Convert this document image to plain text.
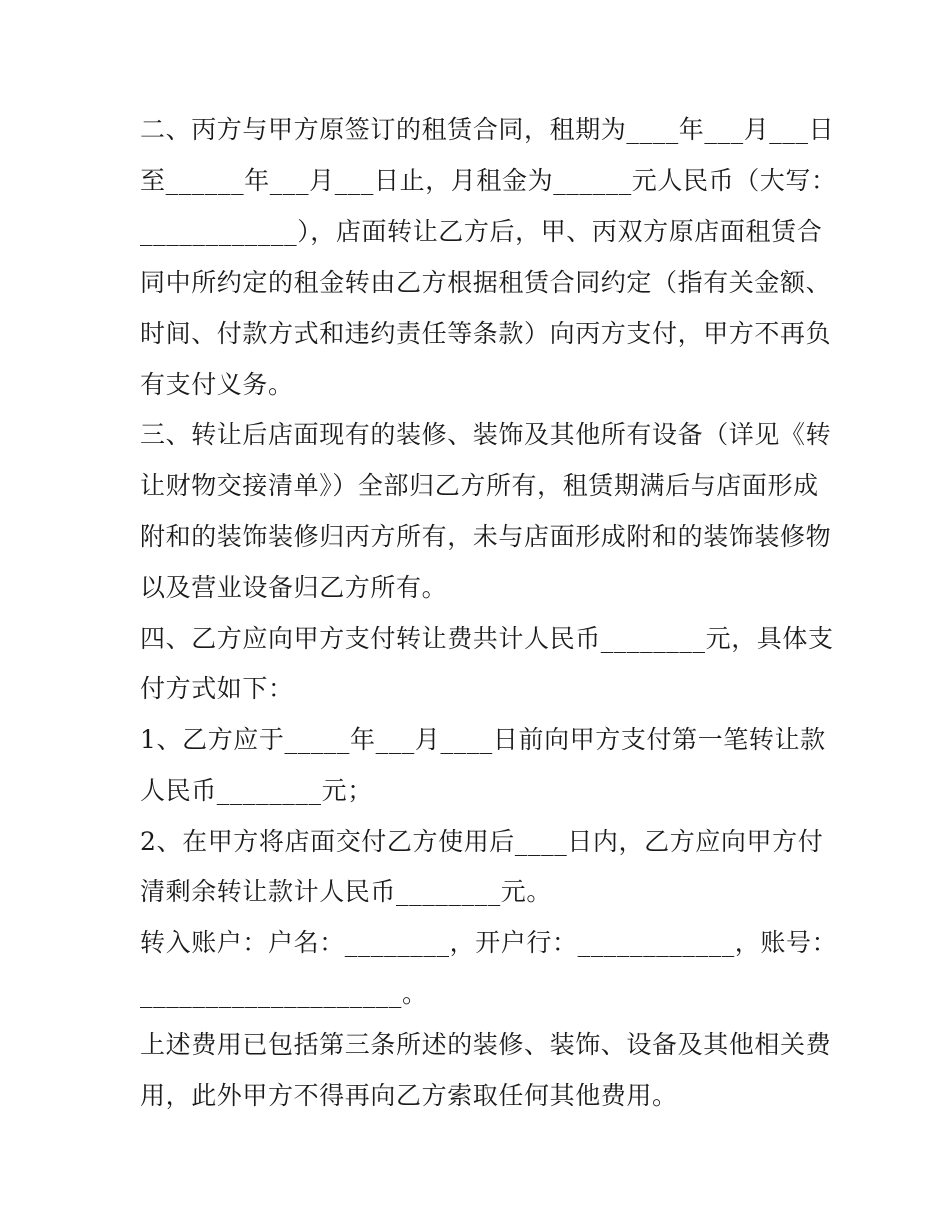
二、丙方与甲方原签订的租赁合同，租期为____年___月___日

至______年___月___日止，月租金为______元人民币（大写：

____________），店面转让乙方后，甲、丙双方原店面租赁合

同中所约定的租金转由乙方根据租赁合同约定（指有关金额、

时间、付款方式和违约责任等条款）向丙方支付，甲方不再负

有支付义务。

三、转让后店面现有的装修、装饰及其他所有设备（详见《转

让财物交接清单》）全部归乙方所有，租赁期满后与店面形成

附和的装饰装修归丙方所有，未与店面形成附和的装饰装修物

以及营业设备归乙方所有。

四、乙方应向甲方支付转让费共计人民币________元，具体支

付方式如下：

1、乙方应于_____年___月____日前向甲方支付第一笔转让款

人民币________元；

2、在甲方将店面交付乙方使用后____日内，乙方应向甲方付

清剩余转让款计人民币________元。

转入账户：户名：________，开户行：____________，账号：

____________________。

上述费用已包括第三条所述的装修、装饰、设备及其他相关费

用，此外甲方不得再向乙方索取任何其他费用。
